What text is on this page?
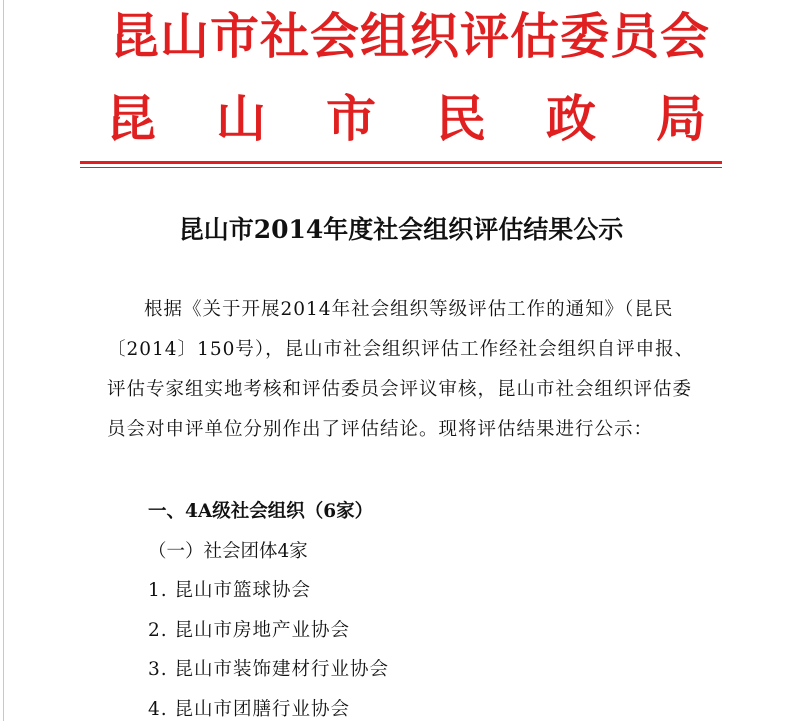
昆山市社会组织评估委员会
昆 山 市 民 政 局
昆山市2014年度社会组织评估结果公示

根据《关于开展2014年社会组织等级评估工作的通知》（昆民〔2014〕150号），昆山市社会组织评估工作经社会组织自评申报、评估专家组实地考核和评估委员会评议审核，昆山市社会组织评估委员会对申评单位分别作出了评估结论。现将评估结果进行公示：

一、4A级社会组织（6家）
（一）社会团体4家
1. 昆山市篮球协会
2. 昆山市房地产业协会
3. 昆山市装饰建材行业协会
4. 昆山市团膳行业协会
